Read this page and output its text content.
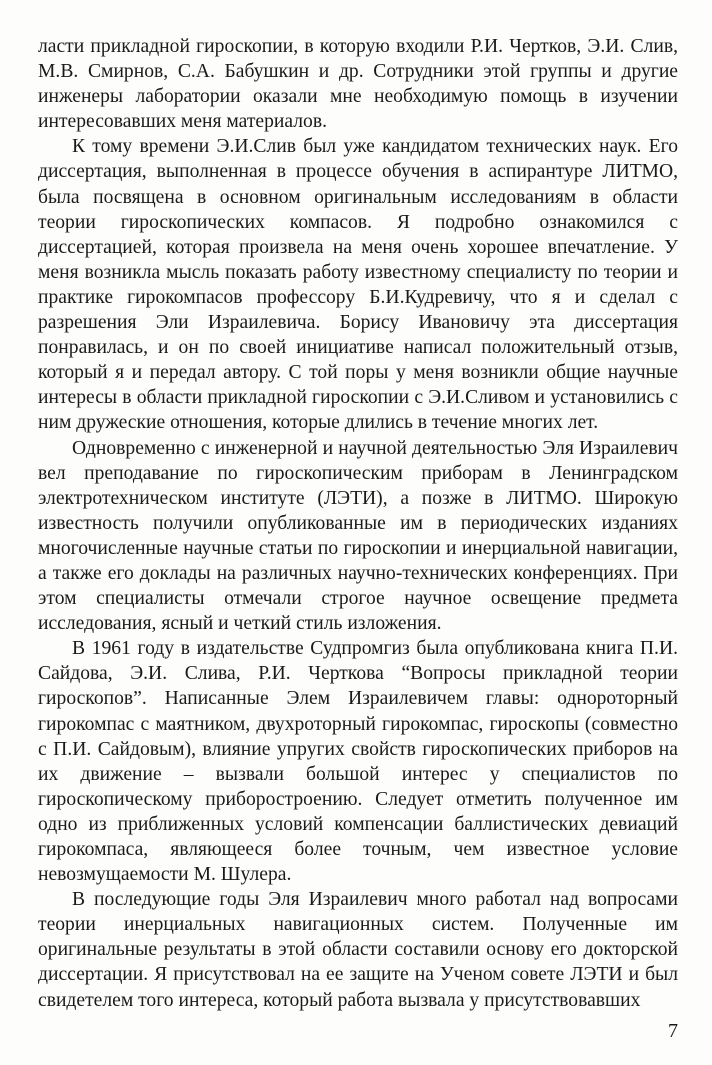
ласти прикладной гироскопии, в которую входили Р.И. Чертков, Э.И. Слив, М.В. Смирнов, С.А. Бабушкин и др. Сотрудники этой группы и другие инженеры лаборатории оказали мне необходимую помощь в изучении интересовавших меня материалов.

К тому времени Э.И.Слив был уже кандидатом технических наук. Его диссертация, выполненная в процессе обучения в аспирантуре ЛИТМО, была посвящена в основном оригинальным исследованиям в области теории гироскопических компасов. Я подробно ознакомился с диссертацией, которая произвела на меня очень хорошее впечатление. У меня возникла мысль показать работу известному специалисту по теории и практике гирокомпасов профессору Б.И.Кудревичу, что я и сделал с разрешения Эли Израилевича. Борису Ивановичу эта диссертация понравилась, и он по своей инициативе написал положительный отзыв, который я и передал автору. С той поры у меня возникли общие научные интересы в области прикладной гироскопии с Э.И.Сливом и установились с ним дружеские отношения, которые длились в течение многих лет.

Одновременно с инженерной и научной деятельностью Эля Израилевич вел преподавание по гироскопическим приборам в Ленинградском электротехническом институте (ЛЭТИ), а позже в ЛИТМО. Широкую известность получили опубликованные им в периодических изданиях многочисленные научные статьи по гироскопии и инерциальной навигации, а также его доклады на различных научно-технических конференциях. При этом специалисты отмечали строгое научное освещение предмета исследования, ясный и четкий стиль изложения.

В 1961 году в издательстве Судпромгиз была опубликована книга П.И. Сайдова, Э.И. Слива, Р.И. Черткова “Вопросы прикладной теории гироскопов”. Написанные Элем Израилевичем главы: однороторный гирокомпас с маятником, двухроторный гирокомпас, гироскопы (совместно с П.И. Сайдовым), влияние упругих свойств гироскопических приборов на их движение – вызвали большой интерес у специалистов по гироскопическому приборостроению. Следует отметить полученное им одно из приближенных условий компенсации баллистических девиаций гирокомпаса, являющееся более точным, чем известное условие невозмущаемости М. Шулера.

В последующие годы Эля Израилевич много работал над вопросами теории инерциальных навигационных систем. Полученные им оригинальные результаты в этой области составили основу его докторской диссертации. Я присутствовал на ее защите на Ученом совете ЛЭТИ и был свидетелем того интереса, который работа вызвала у присутствовавших

7
